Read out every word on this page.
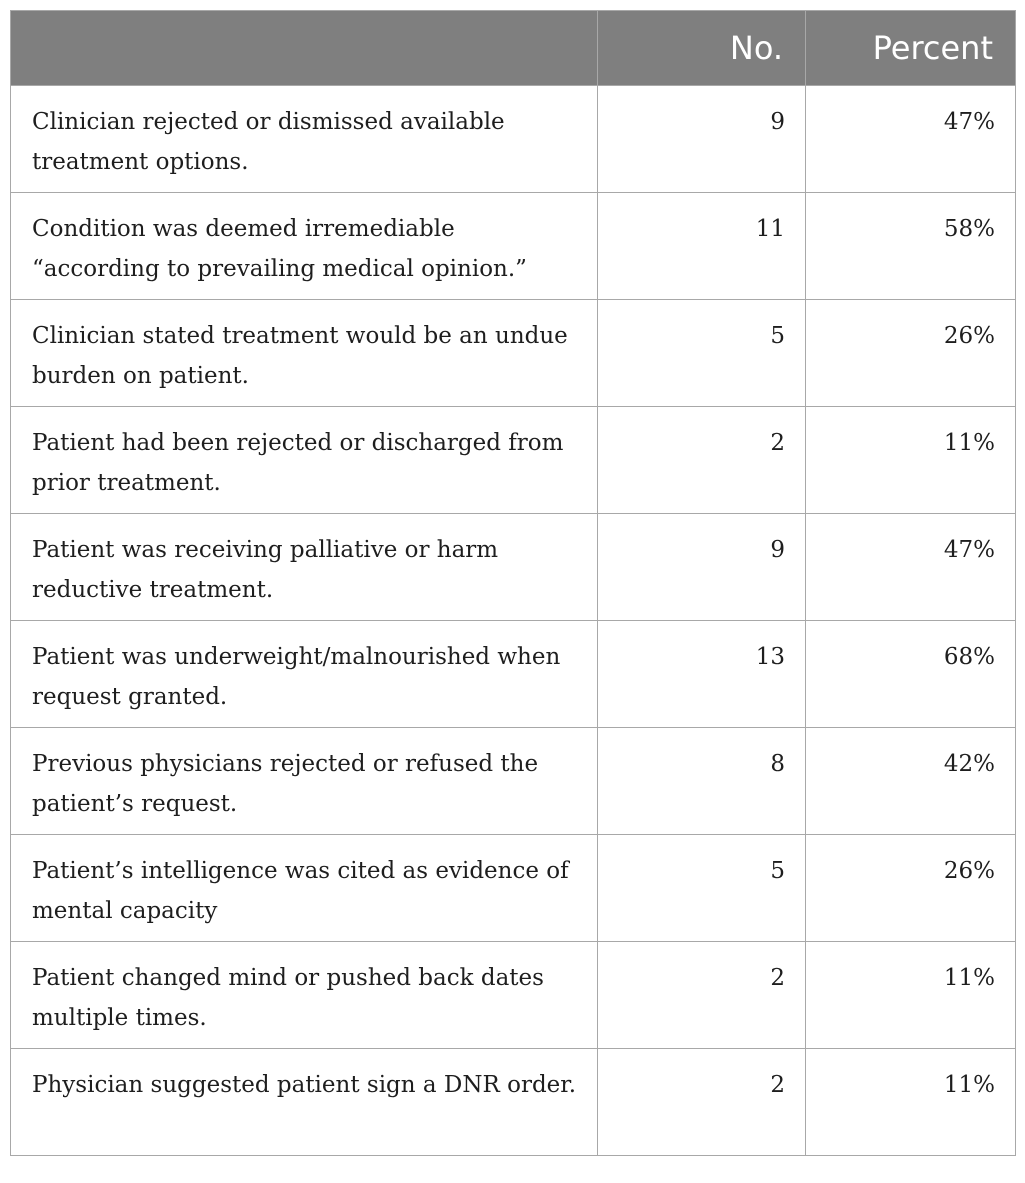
	No.	Percent
Clinician rejected or dismissed available treatment options.	9	47%
Condition was deemed irremediable “according to prevailing medical opinion.”	11	58%
Clinician stated treatment would be an undue burden on patient.	5	26%
Patient had been rejected or discharged from prior treatment.	2	11%
Patient was receiving palliative or harm reductive treatment.	9	47%
Patient was underweight/malnourished when request granted.	13	68%
Previous physicians rejected or refused the patient’s request.	8	42%
Patient’s intelligence was cited as evidence of mental capacity	5	26%
Patient changed mind or pushed back dates multiple times.	2	11%
Physician suggested patient sign a DNR order.	2	11%
